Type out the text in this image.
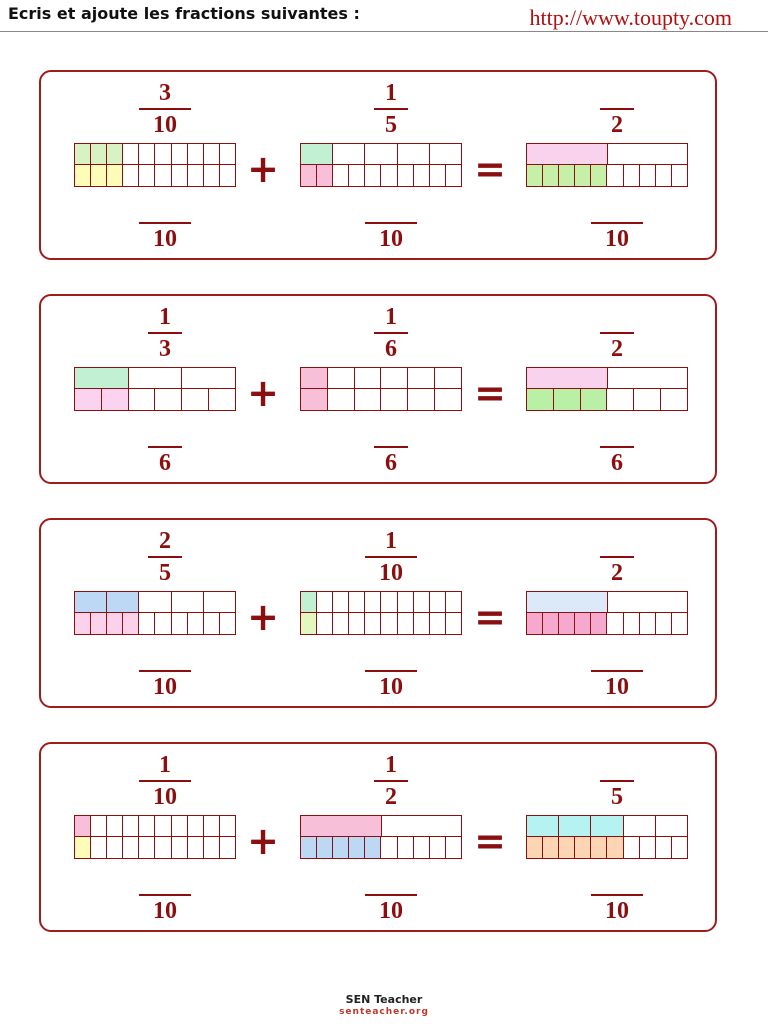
Ecris et ajoute les fractions suivantes :	http://www.toupty.com
3
10
10
1
5
10
2
10
+	=
1
3
6
1
6
6
2
6
+	=
2
5
10
1
10
10
2
10
+	=
1
10
10
1
2
10
5
10
+	=
SEN Teacher
senteacher.org
